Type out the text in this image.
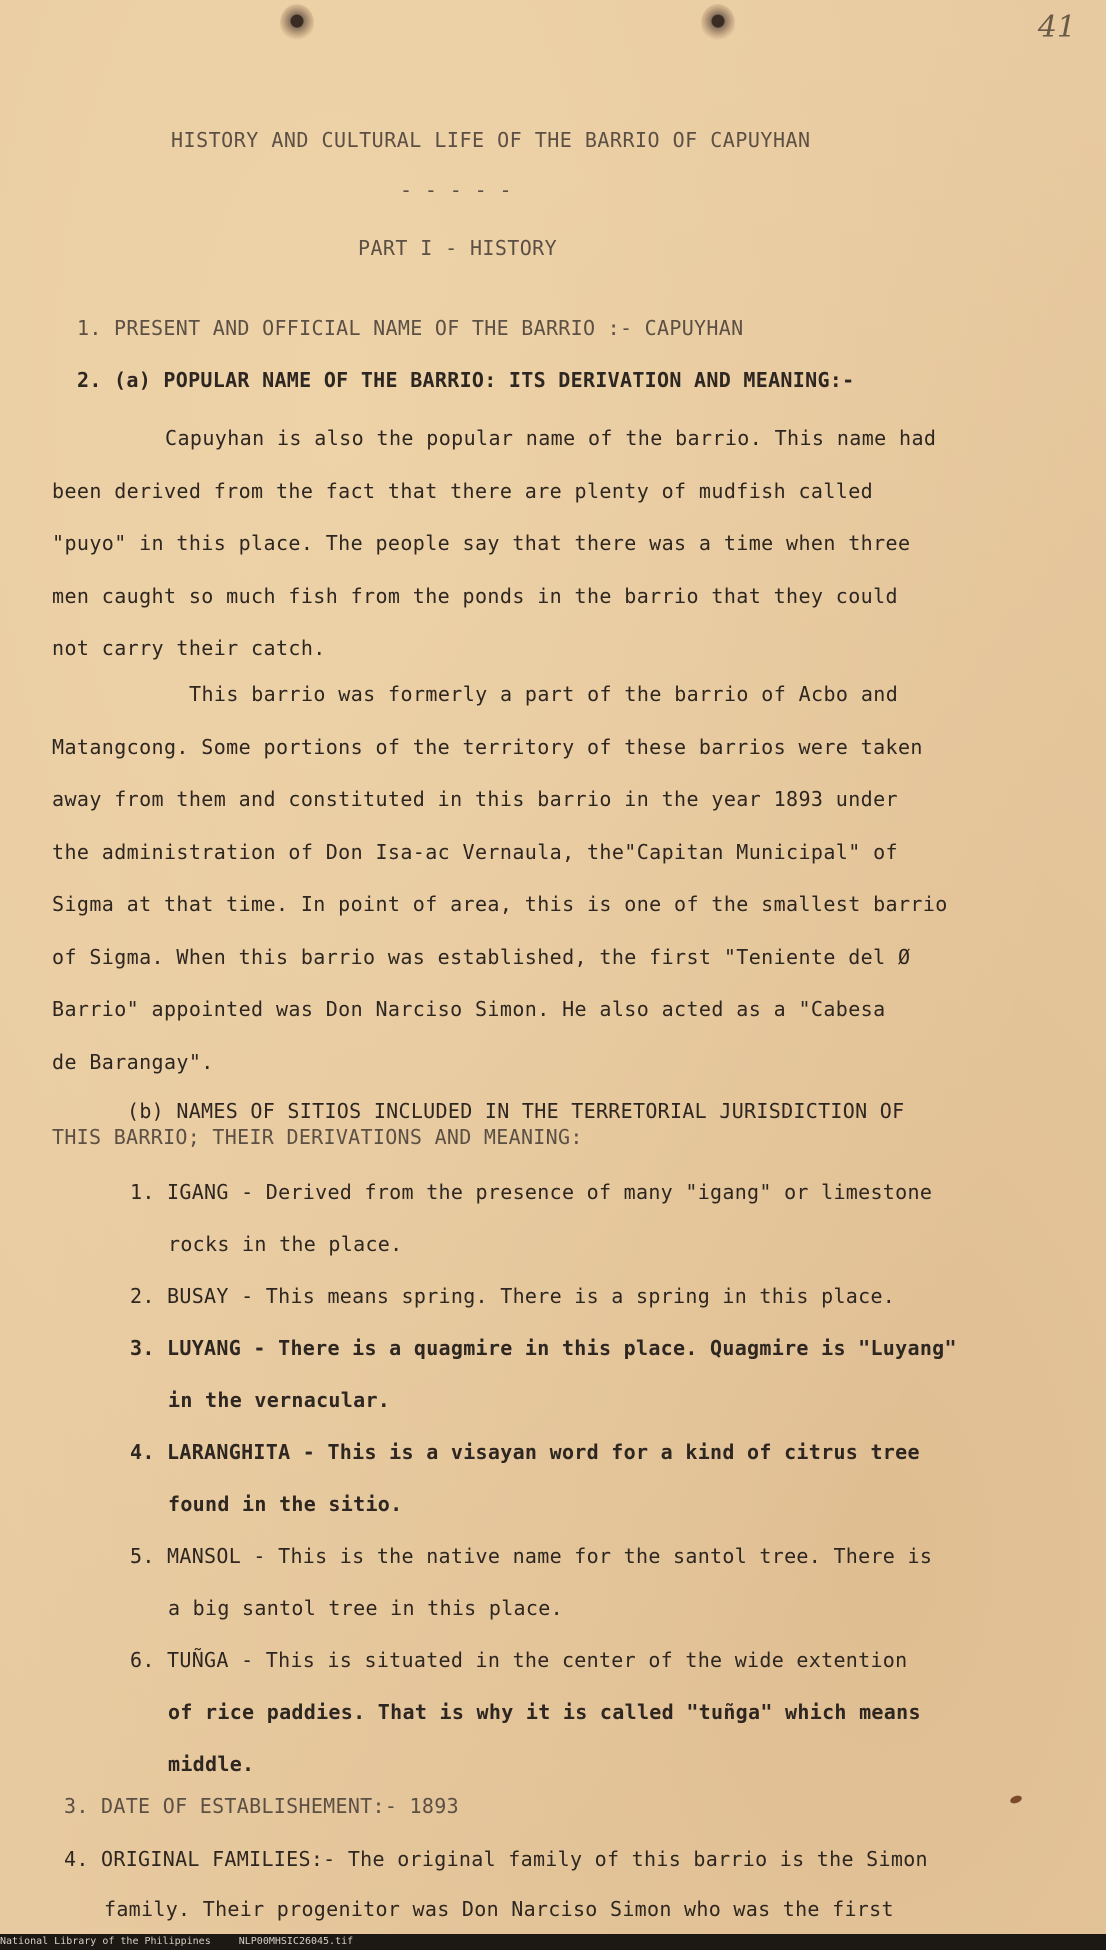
41
HISTORY AND CULTURAL LIFE OF THE BARRIO OF CAPUYHAN
- - - - -
PART I - HISTORY
1. PRESENT AND OFFICIAL NAME OF THE BARRIO :- CAPUYHAN
2. (a) POPULAR NAME OF THE BARRIO: ITS DERIVATION AND MEANING:-
Capuyhan is also the popular name of the barrio. This name had
been derived from the fact that there are plenty of mudfish called
"puyo" in this place. The people say that there was a time when three
men caught so much fish from the ponds in the barrio that they could
not carry their catch.
This barrio was formerly a part of the barrio of Acbo and
Matangcong. Some portions of the territory of these barrios were taken
away from them and constituted in this barrio in the year 1893 under
the administration of Don Isa-ac Vernaula, the"Capitan Municipal" of
Sigma at that time. In point of area, this is one of the smallest barrio
of Sigma. When this barrio was established, the first "Teniente del Ø
Barrio" appointed was Don Narciso Simon. He also acted as a "Cabesa
de Barangay".
(b) NAMES OF SITIOS INCLUDED IN THE TERRETORIAL JURISDICTION OF
THIS BARRIO; THEIR DERIVATIONS AND MEANING:
1. IGANG - Derived from the presence of many "igang" or limestone
rocks in the place.
2. BUSAY - This means spring. There is a spring in this place.
3. LUYANG - There is a quagmire in this place. Quagmire is "Luyang"
in the vernacular.
4. LARANGHITA - This is a visayan word for a kind of citrus tree
found in the sitio.
5. MANSOL - This is the native name for the santol tree. There is
a big santol tree in this place.
6. TUÑGA - This is situated in the center of the wide extention
of rice paddies. That is why it is called "tuñga" which means
middle.
3. DATE OF ESTABLISHEMENT:- 1893
4. ORIGINAL FAMILIES:- The original family of this barrio is the Simon
family. Their progenitor was Don Narciso Simon who was the first
National Library of the Philippines	NLP00MHSIC26045.tif
